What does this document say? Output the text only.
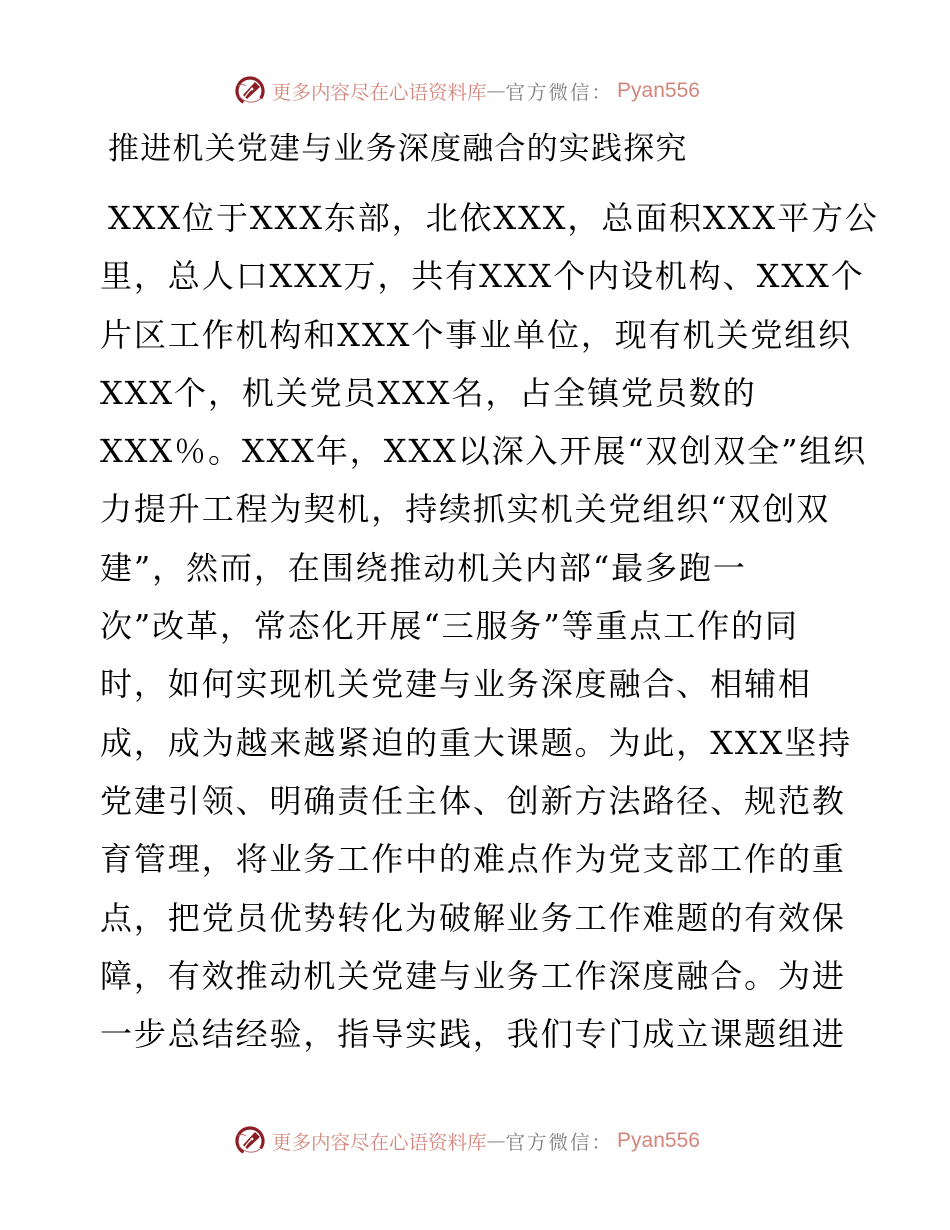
更多内容尽在心语资料库 — 官方微信： Pyan556
推进机关党建与业务深度融合的实践探究
XXX位于XXX东部，北依XXX，总面积XXX平方公
里，总人口XXX万，共有XXX个内设机构、XXX个
片区工作机构和XXX个事业单位，现有机关党组织
XXX个，机关党员XXX名，占全镇党员数的
XXX％。XXX年，XXX以深入开展“双创双全”组织
力提升工程为契机，持续抓实机关党组织“双创双
建”，然而，在围绕推动机关内部“最多跑一
次”改革，常态化开展“三服务”等重点工作的同
时，如何实现机关党建与业务深度融合、相辅相
成，成为越来越紧迫的重大课题。为此，XXX坚持
党建引领、明确责任主体、创新方法路径、规范教
育管理，将业务工作中的难点作为党支部工作的重
点，把党员优势转化为破解业务工作难题的有效保
障，有效推动机关党建与业务工作深度融合。为进
一步总结经验，指导实践，我们专门成立课题组进
更多内容尽在心语资料库 — 官方微信： Pyan556
